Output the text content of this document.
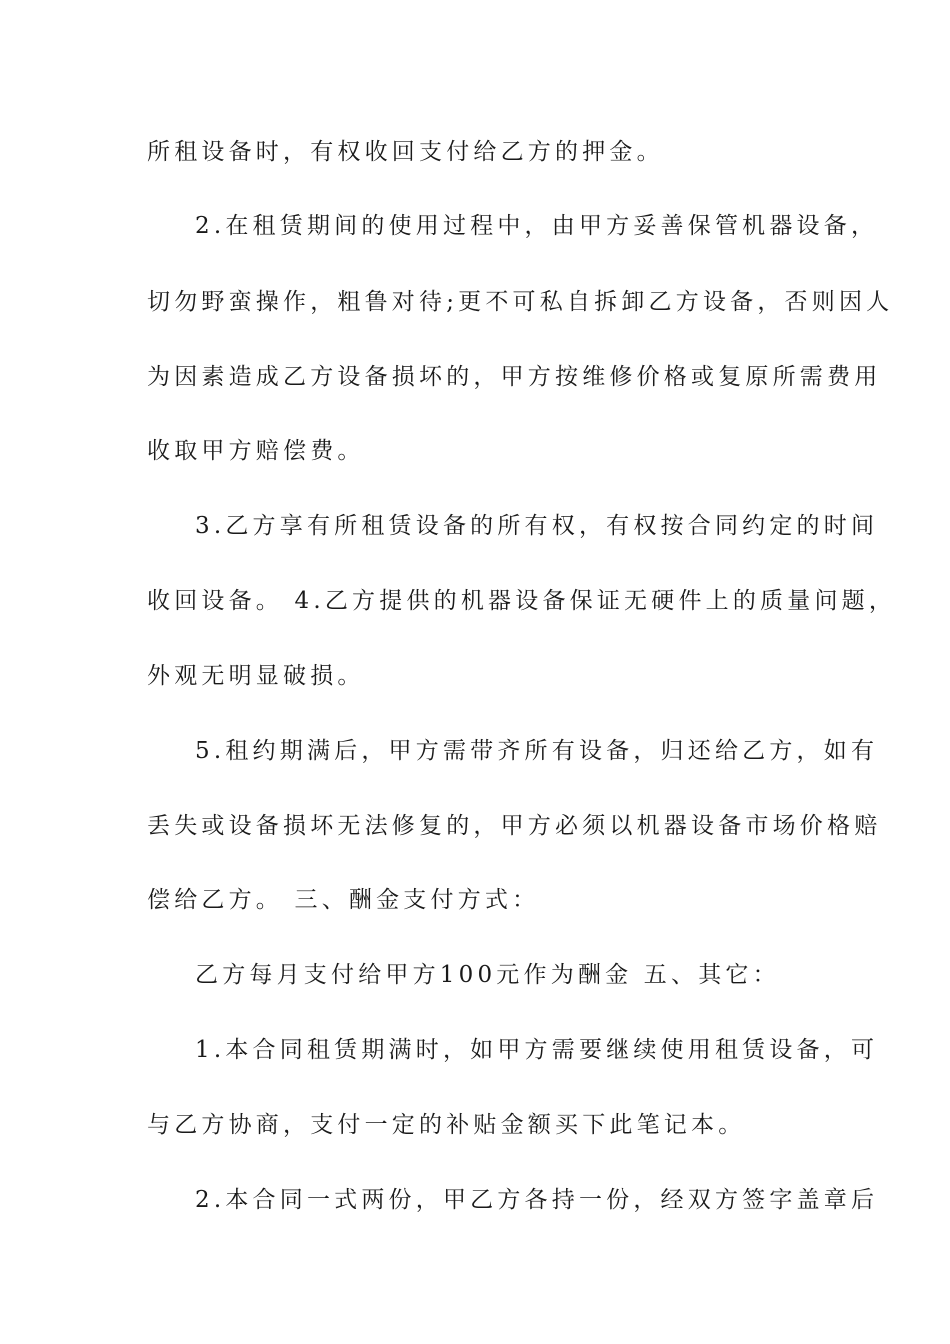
所租设备时，有权收回支付给乙方的押金。
2.在租赁期间的使用过程中，由甲方妥善保管机器设备，
切勿野蛮操作，粗鲁对待;更不可私自拆卸乙方设备，否则因人
为因素造成乙方设备损坏的，甲方按维修价格或复原所需费用
收取甲方赔偿费。
3.乙方享有所租赁设备的所有权，有权按合同约定的时间
收回设备。 4.乙方提供的机器设备保证无硬件上的质量问题，
外观无明显破损。
5.租约期满后，甲方需带齐所有设备，归还给乙方，如有
丢失或设备损坏无法修复的，甲方必须以机器设备市场价格赔
偿给乙方。 三、酬金支付方式：
乙方每月支付给甲方100元作为酬金 五、其它：
1.本合同租赁期满时，如甲方需要继续使用租赁设备，可
与乙方协商，支付一定的补贴金额买下此笔记本。
2.本合同一式两份，甲乙方各持一份，经双方签字盖章后
